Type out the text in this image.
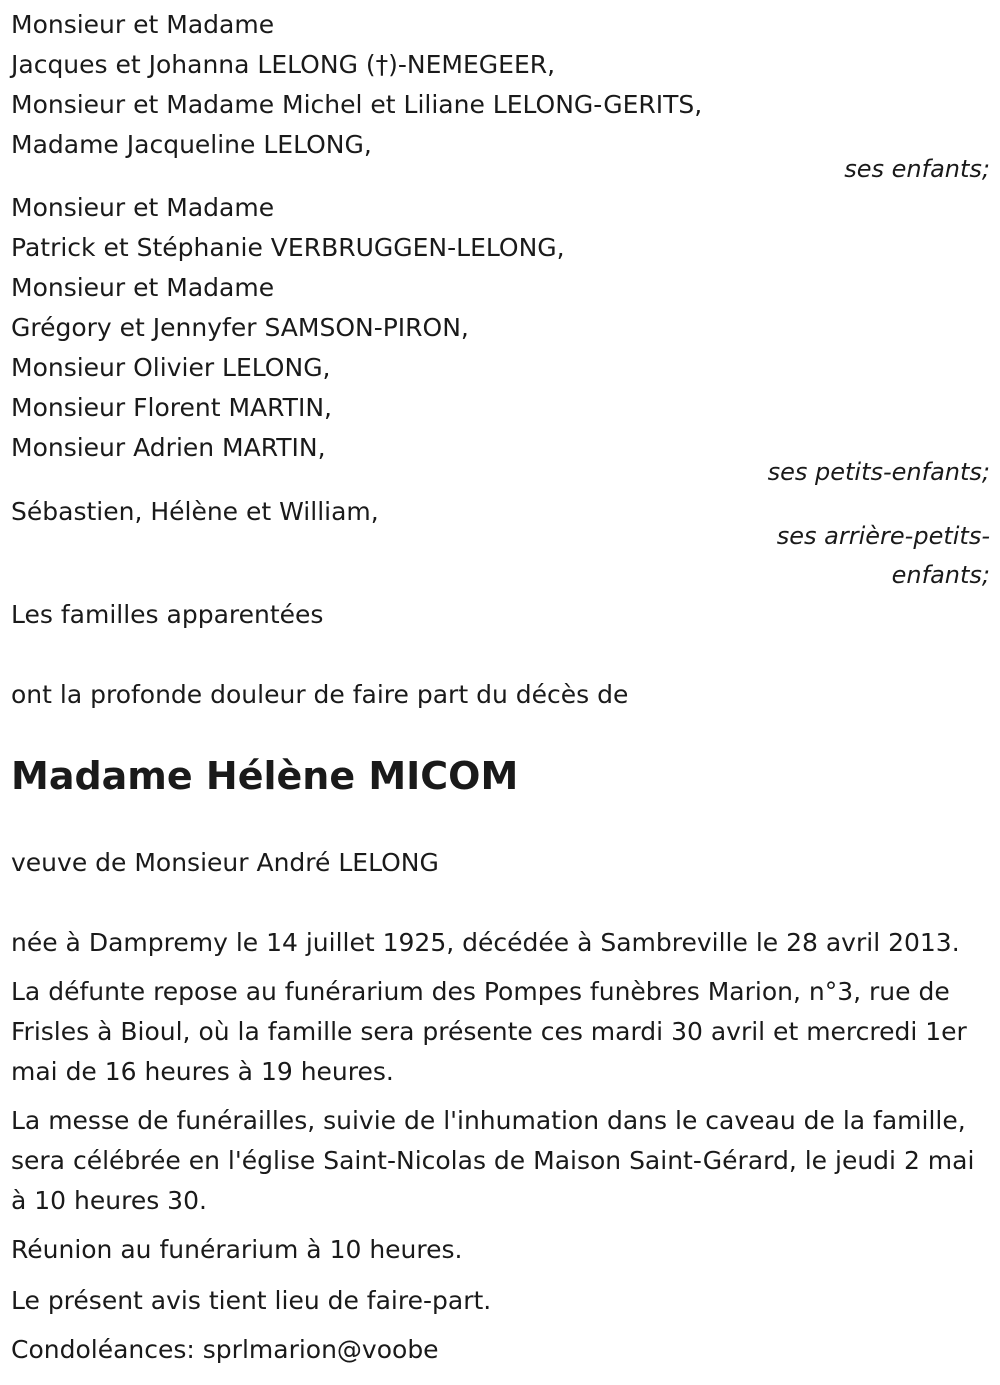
Monsieur et Madame
Jacques et Johanna LELONG (†)-NEMEGEER,
Monsieur et Madame Michel et Liliane LELONG-GERITS,
Madame Jacqueline LELONG,
ses enfants;
Monsieur et Madame
Patrick et Stéphanie VERBRUGGEN-LELONG,
Monsieur et Madame
Grégory et Jennyfer SAMSON-PIRON,
Monsieur Olivier LELONG,
Monsieur Florent MARTIN,
Monsieur Adrien MARTIN,
ses petits-enfants;
Sébastien, Hélène et William,
ses arrière-petits-
enfants;
Les familles apparentées
ont la profonde douleur de faire part du décès de
Madame Hélène MICOM
veuve de Monsieur André LELONG
née à Dampremy le 14 juillet 1925, décédée à Sambreville le 28 avril 2013.
La défunte repose au funérarium des Pompes funèbres Marion, n°3, rue de Frisles à Bioul, où la famille sera présente ces mardi 30 avril et mercredi 1er mai de 16 heures à 19 heures.
La messe de funérailles, suivie de l'inhumation dans le caveau de la famille, sera célébrée en l'église Saint-Nicolas de Maison Saint-Gérard, le jeudi 2 mai à 10 heures 30.
Réunion au funérarium à 10 heures.
Le présent avis tient lieu de faire-part.
Condoléances: sprlmarion@voobe
